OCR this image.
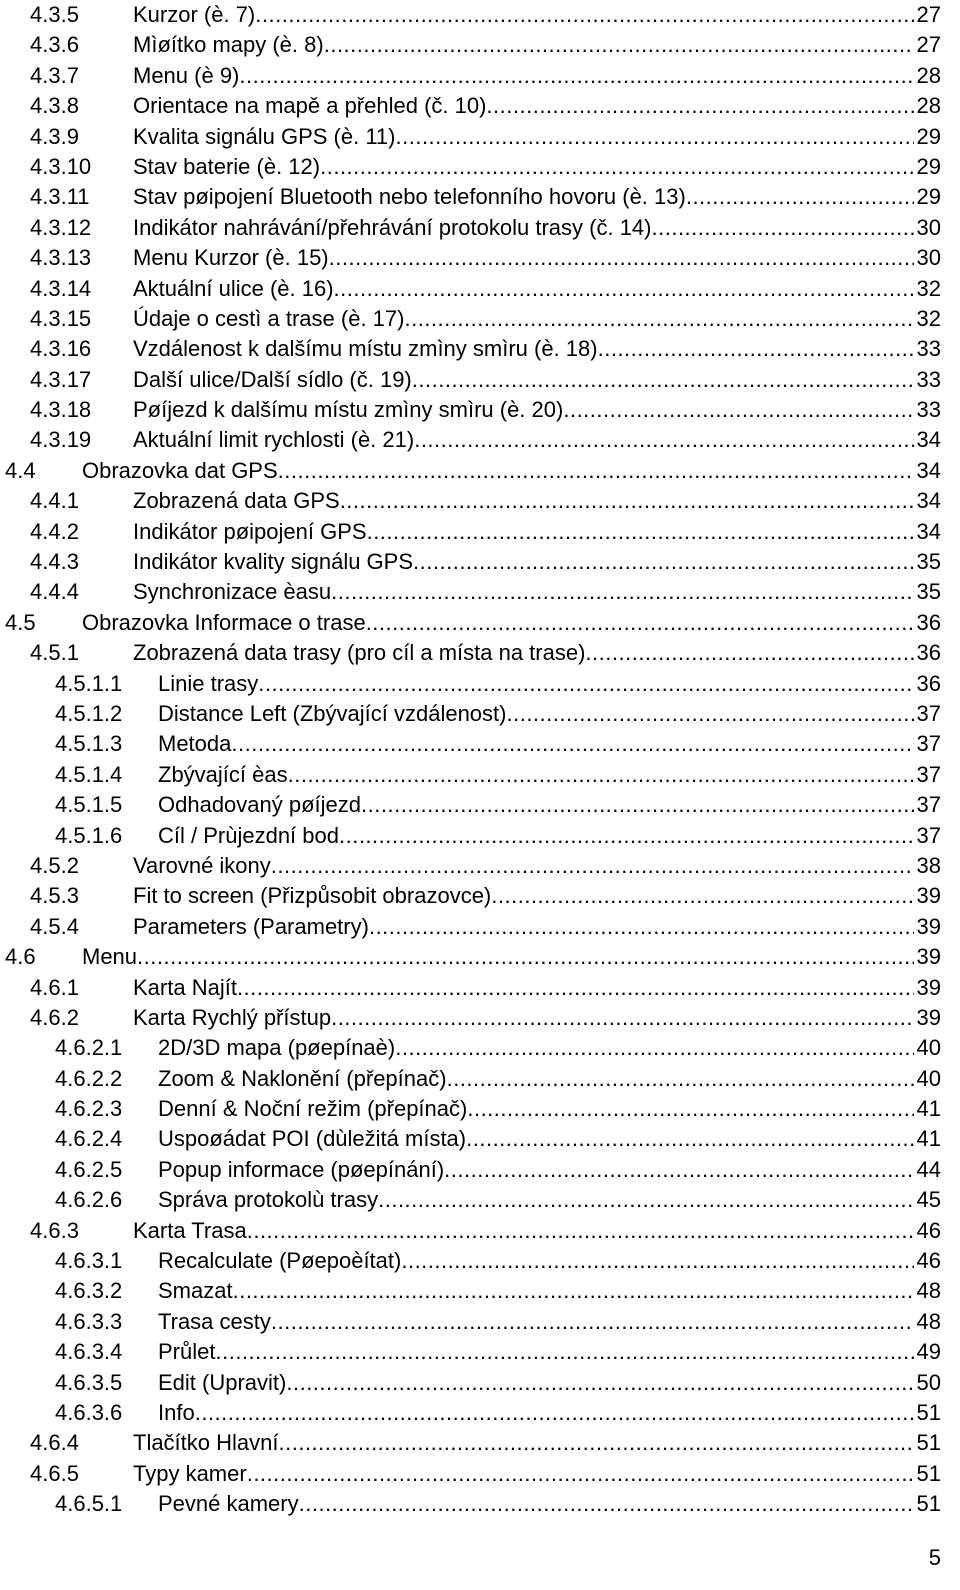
4.3.5 Kurzor (è. 7) .....	27
4.3.6 Mìøítko mapy (è. 8) .....	27
4.3.7 Menu (è 9) .....	28
4.3.8 Orientace na mapě a přehled (č. 10) .....	28
4.3.9 Kvalita signálu GPS (è. 11) .....	29
4.3.10 Stav baterie (è. 12) .....	29
4.3.11 Stav pøipojení Bluetooth nebo telefonního hovoru (è. 13) .....	29
4.3.12 Indikátor nahrávání/přehrávání protokolu trasy (č. 14) .....	30
4.3.13 Menu Kurzor (è. 15) .....	30
4.3.14 Aktuální ulice (è. 16) .....	32
4.3.15 Údaje o cestì a trase (è. 17) .....	32
4.3.16 Vzdálenost k dalšímu místu zmìny smìru (è. 18) .....	33
4.3.17 Další ulice/Další sídlo (č. 19) .....	33
4.3.18 Pøíjezd k dalšímu místu zmìny smìru (è. 20) .....	33
4.3.19 Aktuální limit rychlosti (è. 21) .....	34
4.4 Obrazovka dat GPS .....	34
4.4.1 Zobrazená data GPS .....	34
4.4.2 Indikátor pøipojení GPS .....	34
4.4.3 Indikátor kvality signálu GPS .....	35
4.4.4 Synchronizace èasu .....	35
4.5 Obrazovka Informace o trase .....	36
4.5.1 Zobrazená data trasy (pro cíl a místa na trase) .....	36
4.5.1.1 Linie trasy .....	36
4.5.1.2 Distance Left (Zbývající vzdálenost) .....	37
4.5.1.3 Metoda .....	37
4.5.1.4 Zbývající èas .....	37
4.5.1.5 Odhadovaný pøíjezd .....	37
4.5.1.6 Cíl / Prùjezdní bod .....	37
4.5.2 Varovné ikony .....	38
4.5.3 Fit to screen (Přizpůsobit obrazovce) .....	39
4.5.4 Parameters (Parametry) .....	39
4.6 Menu .....	39
4.6.1 Karta Najít .....	39
4.6.2 Karta Rychlý přístup .....	39
4.6.2.1 2D/3D mapa (pøepínaè) .....	40
4.6.2.2 Zoom & Naklonění (přepínač) .....	40
4.6.2.3 Denní & Noční režim (přepínač) .....	41
4.6.2.4 Uspoøádat POI (dùležitá místa) .....	41
4.6.2.5 Popup informace (pøepínání) .....	44
4.6.2.6 Správa protokolù trasy .....	45
4.6.3 Karta Trasa .....	46
4.6.3.1 Recalculate (Pøepoèítat) .....	46
4.6.3.2 Smazat .....	48
4.6.3.3 Trasa cesty .....	48
4.6.3.4 Průlet .....	49
4.6.3.5 Edit (Upravit) .....	50
4.6.3.6 Info .....	51
4.6.4 Tlačítko Hlavní .....	51
4.6.5 Typy kamer .....	51
4.6.5.1 Pevné kamery .....	51
5
